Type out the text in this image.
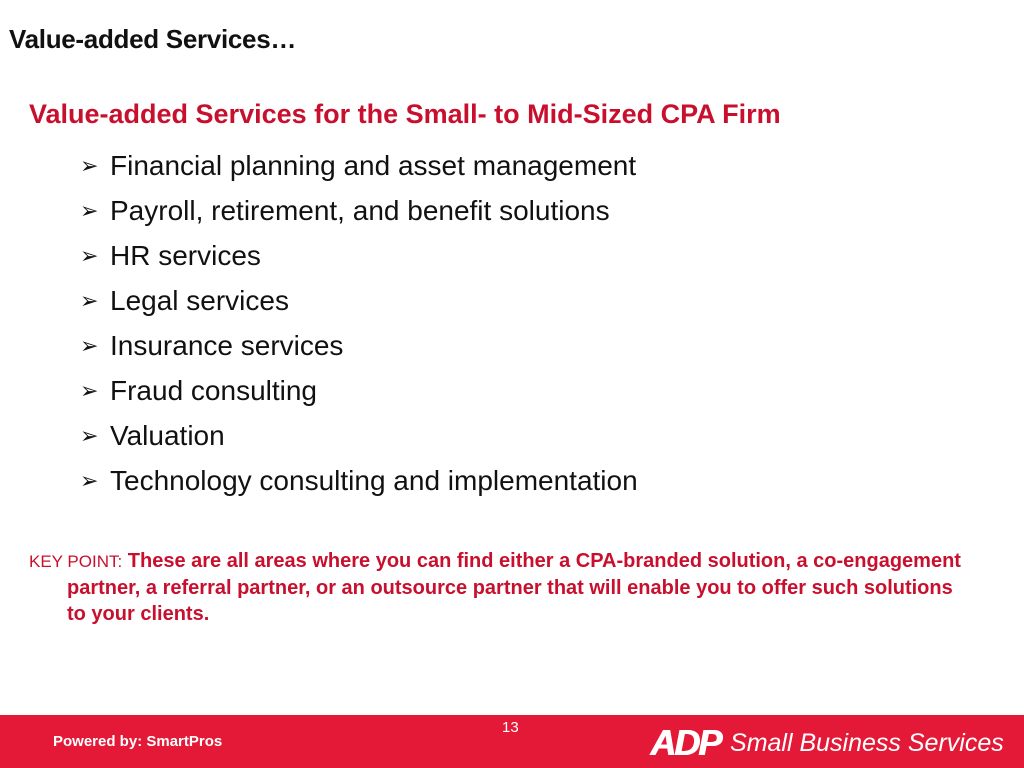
Value-added Services…
Value-added Services for the Small- to Mid-Sized CPA Firm
➢ Financial planning and asset management
➢ Payroll, retirement, and benefit solutions
➢ HR services
➢ Legal services
➢ Insurance services
➢ Fraud consulting
➢ Valuation
➢ Technology consulting and implementation
KEY POINT: These are all areas where you can find either a CPA-branded solution, a co-engagement partner, a referral partner, or an outsource partner that will enable you to offer such solutions to your clients.
Powered by: SmartPros
13	ADP Small Business Services
